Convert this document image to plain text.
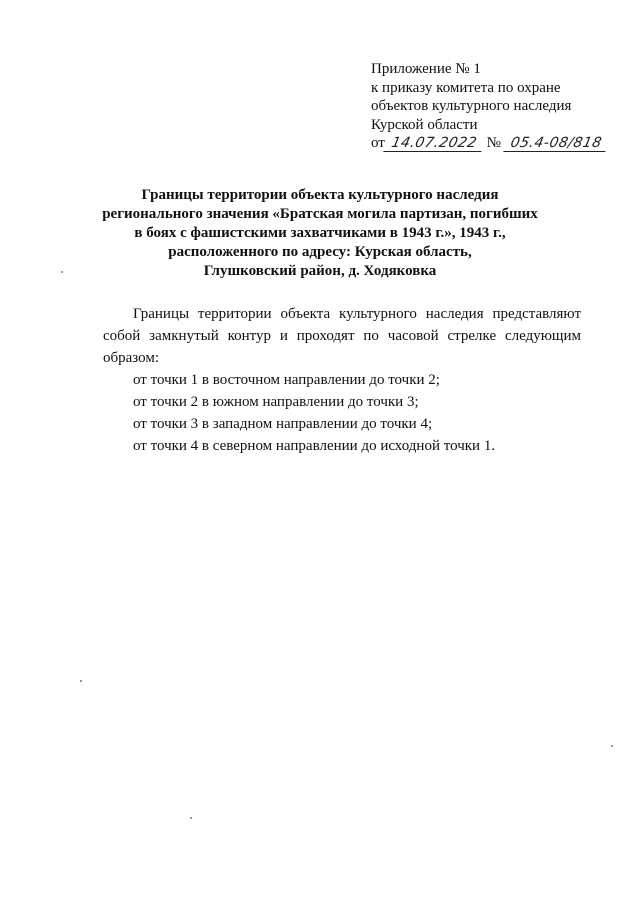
Приложение № 1
к приказу комитета по охране
объектов культурного наследия
Курской области
от 14.07.2022 № 05.4-08/818
Границы территории объекта культурного наследия
регионального значения «Братская могила партизан, погибших
в боях с фашистскими захватчиками в 1943 г.», 1943 г.,
расположенного по адресу: Курская область,
Глушковский район, д. Ходяковка

Границы территории объекта культурного наследия представляют собой замкнутый контур и проходят по часовой стрелке следующим образом:

от точки 1 в восточном направлении до точки 2;
от точки 2 в южном направлении до точки 3;
от точки 3 в западном направлении до точки 4;
от точки 4 в северном направлении до исходной точки 1.
